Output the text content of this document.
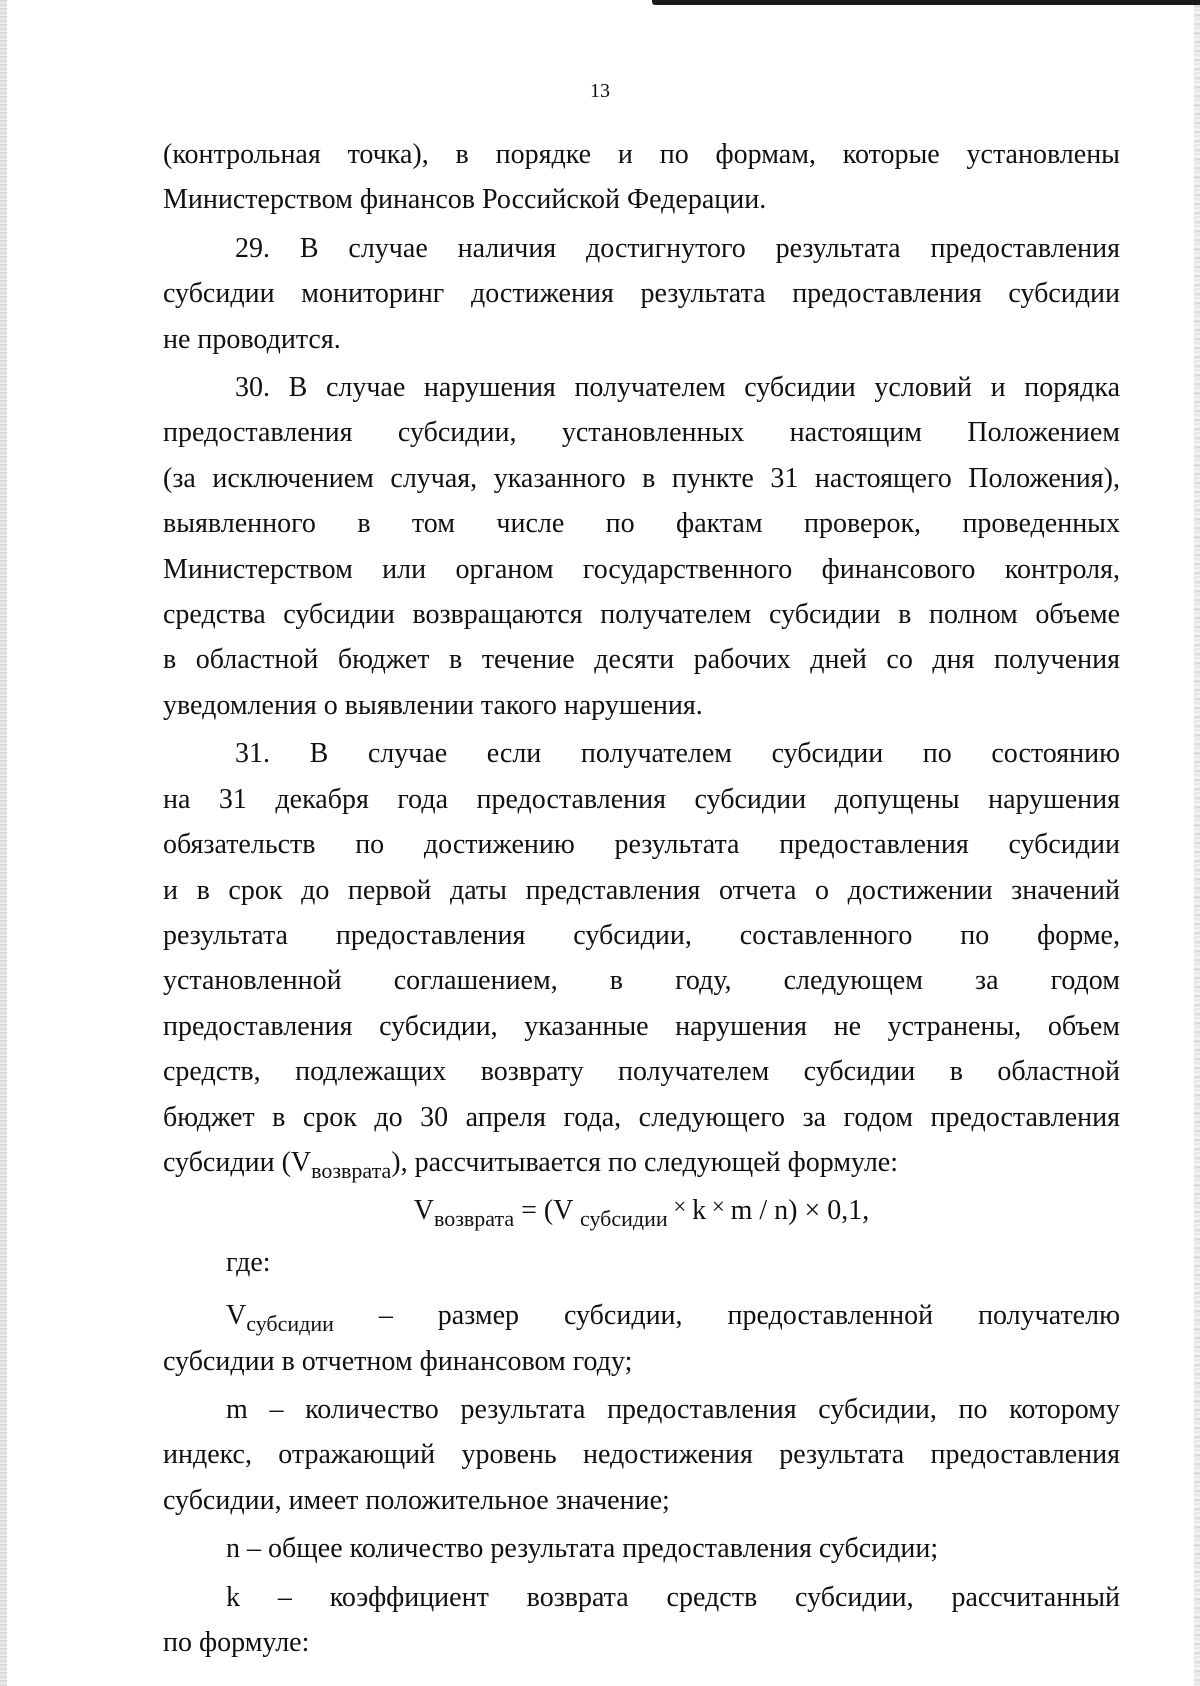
13
(контрольная точка), в порядке и по формам, которые установлены
Министерством финансов Российской Федерации.
29. В случае наличия достигнутого результата предоставления
субсидии мониторинг достижения результата предоставления субсидии
не проводится.
30. В случае нарушения получателем субсидии условий и порядка
предоставления субсидии, установленных настоящим Положением
(за исключением случая, указанного в пункте 31 настоящего Положения),
выявленного в том числе по фактам проверок, проведенных
Министерством или органом государственного финансового контроля,
средства субсидии возвращаются получателем субсидии в полном объеме
в областной бюджет в течение десяти рабочих дней со дня получения
уведомления о выявлении такого нарушения.
31. В случае если получателем субсидии по состоянию
на 31 декабря года предоставления субсидии допущены нарушения
обязательств по достижению результата предоставления субсидии
и в срок до первой даты представления отчета о достижении значений
результата предоставления субсидии, составленного по форме,
установленной соглашением, в году, следующем за годом
предоставления субсидии, указанные нарушения не устранены, объем
средств, подлежащих возврату получателем субсидии в областной
бюджет в срок до 30 апреля года, следующего за годом предоставления
субсидии $(V_{возврата})$, рассчитывается по следующей формуле:
$V_{возврата} = (V$ $_{субсидии}$ × k × m / n) × 0,1,
где:
$V_{субсидии}$ – размер субсидии, предоставленной получателю
субсидии в отчетном финансовом году;
m – количество результата предоставления субсидии, по которому
индекс, отражающий уровень недостижения результата предоставления
субсидии, имеет положительное значение;
n – общее количество результата предоставления субсидии;
k – коэффициент возврата средств субсидии, рассчитанный
по формуле:
